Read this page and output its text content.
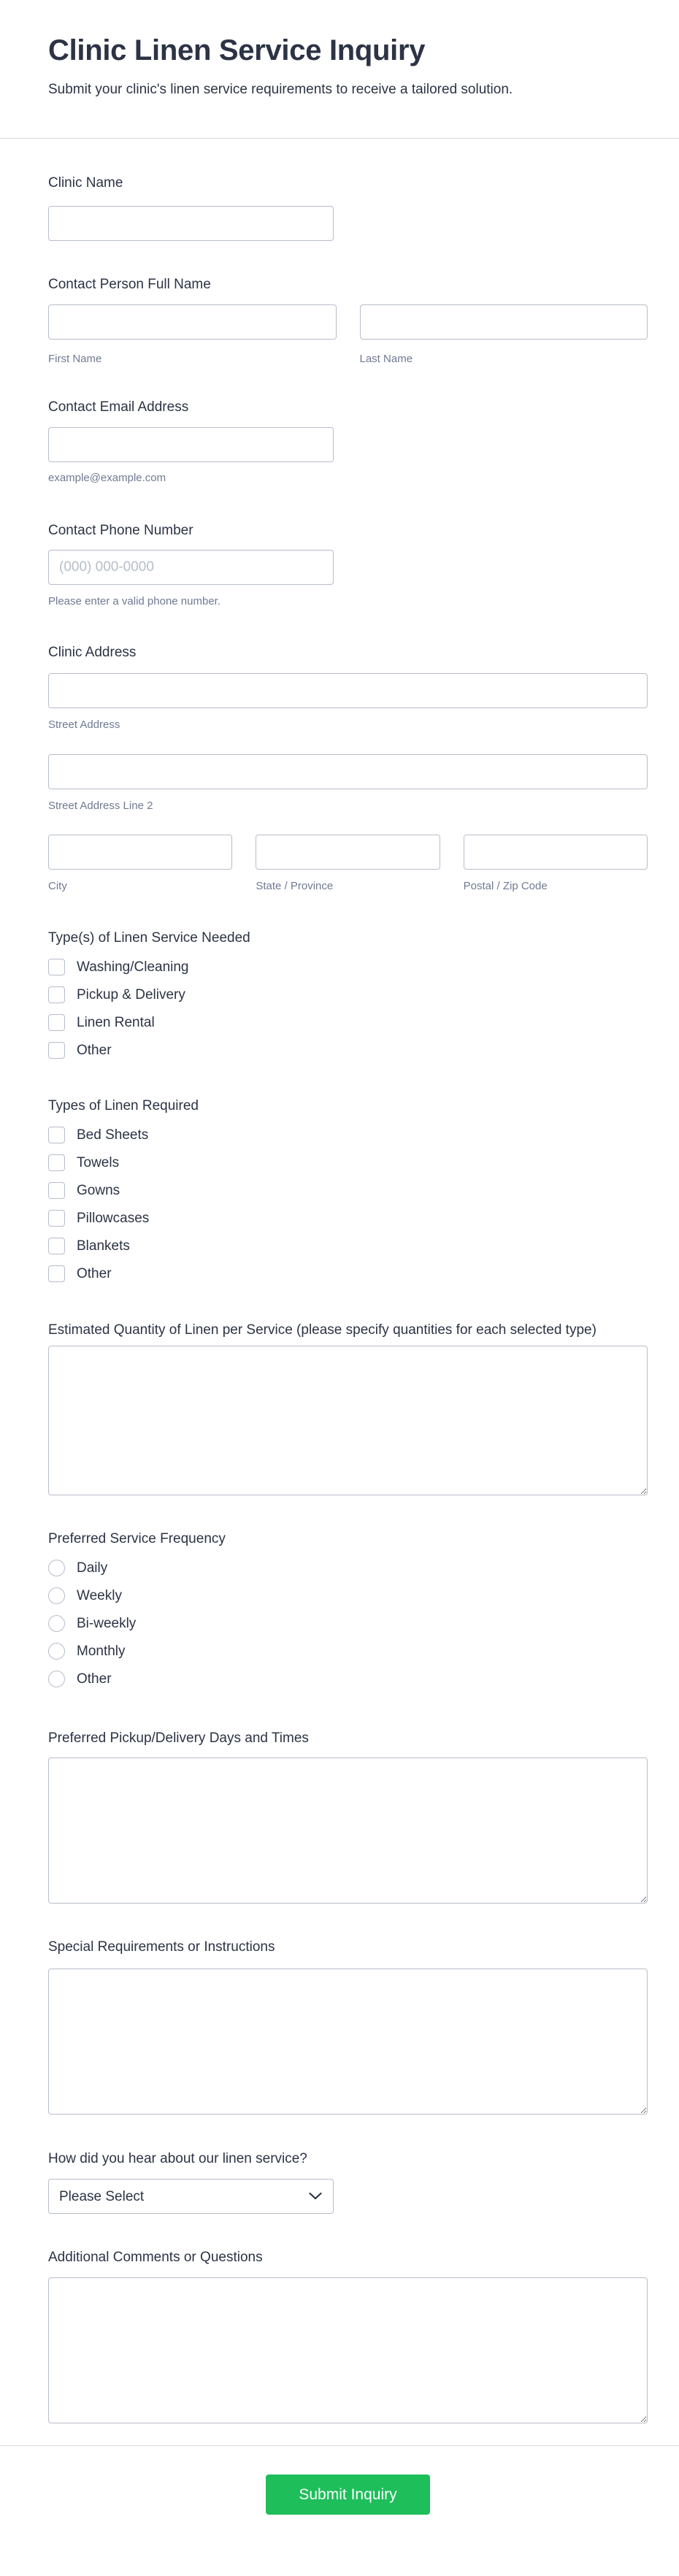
Clinic Linen Service Inquiry
Submit your clinic's linen service requirements to receive a tailored solution.
Clinic Name
Contact Person Full Name
First Name	Last Name
Contact Email Address
example@example.com
Contact Phone Number
(000) 000-0000
Please enter a valid phone number.
Clinic Address
Street Address
Street Address Line 2
City	State / Province	Postal / Zip Code
Type(s) of Linen Service Needed
Washing/Cleaning
Pickup & Delivery
Linen Rental
Other
Types of Linen Required
Bed Sheets
Towels
Gowns
Pillowcases
Blankets
Other
Estimated Quantity of Linen per Service (please specify quantities for each selected type)
Preferred Service Frequency
Daily
Weekly
Bi-weekly
Monthly
Other
Preferred Pickup/Delivery Days and Times
Special Requirements or Instructions
How did you hear about our linen service?
Please Select
Additional Comments or Questions
Submit Inquiry
